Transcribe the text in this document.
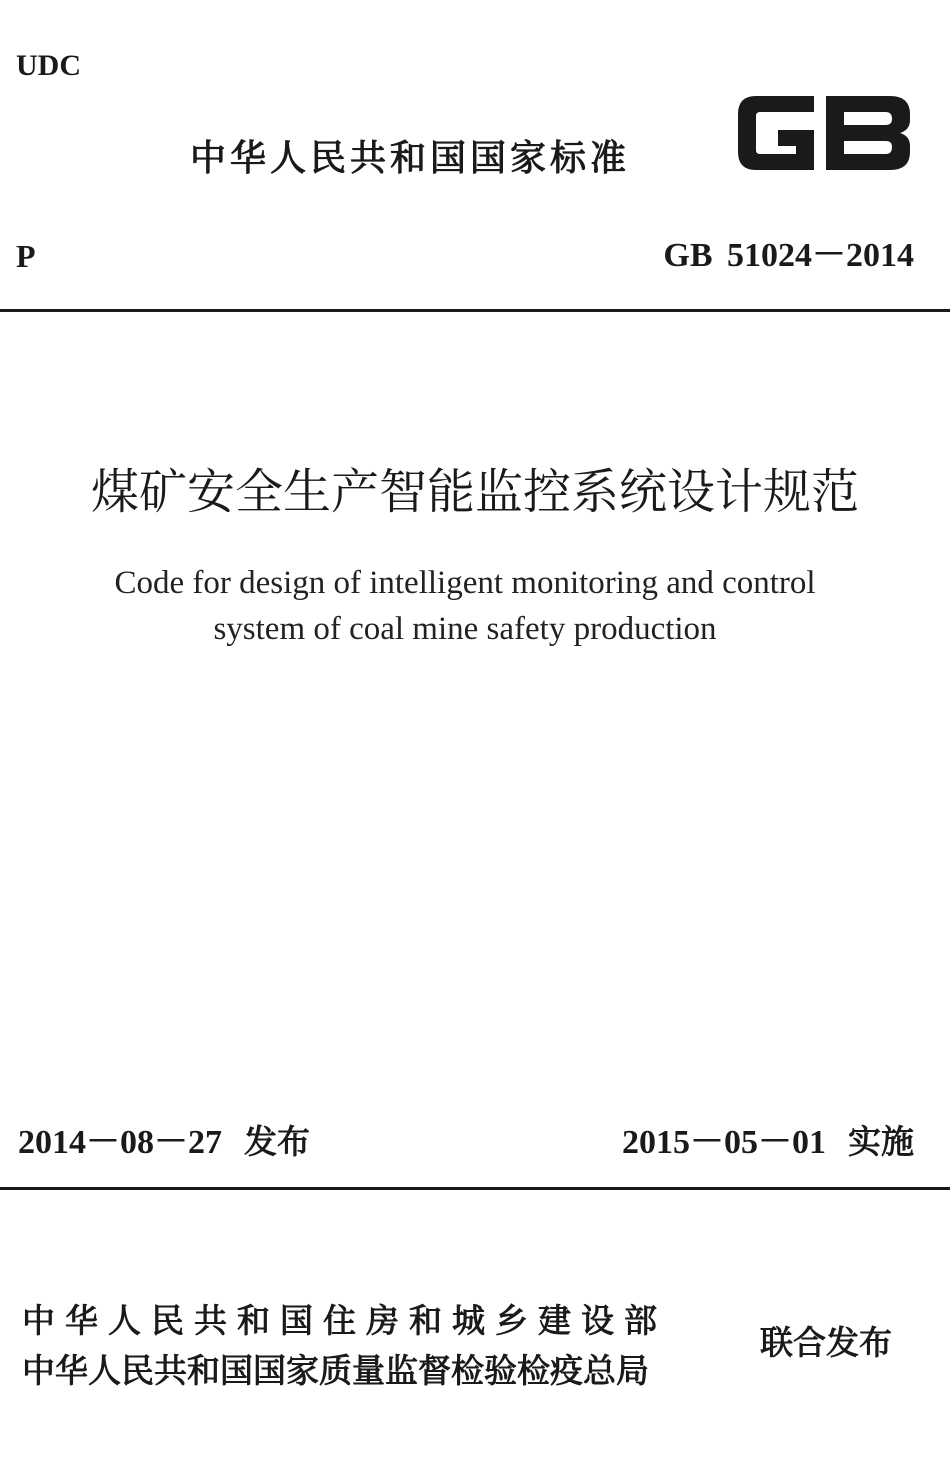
UDC
中华人民共和国国家标准	GB
P	GB 51024－2014
煤矿安全生产智能监控系统设计规范
Code for design of intelligent monitoring and control
system of coal mine safety production
2014－08－27 发布	2015－05－01 实施
中华人民共和国住房和城乡建设部
中华人民共和国国家质量监督检验检疫总局
联合发布
